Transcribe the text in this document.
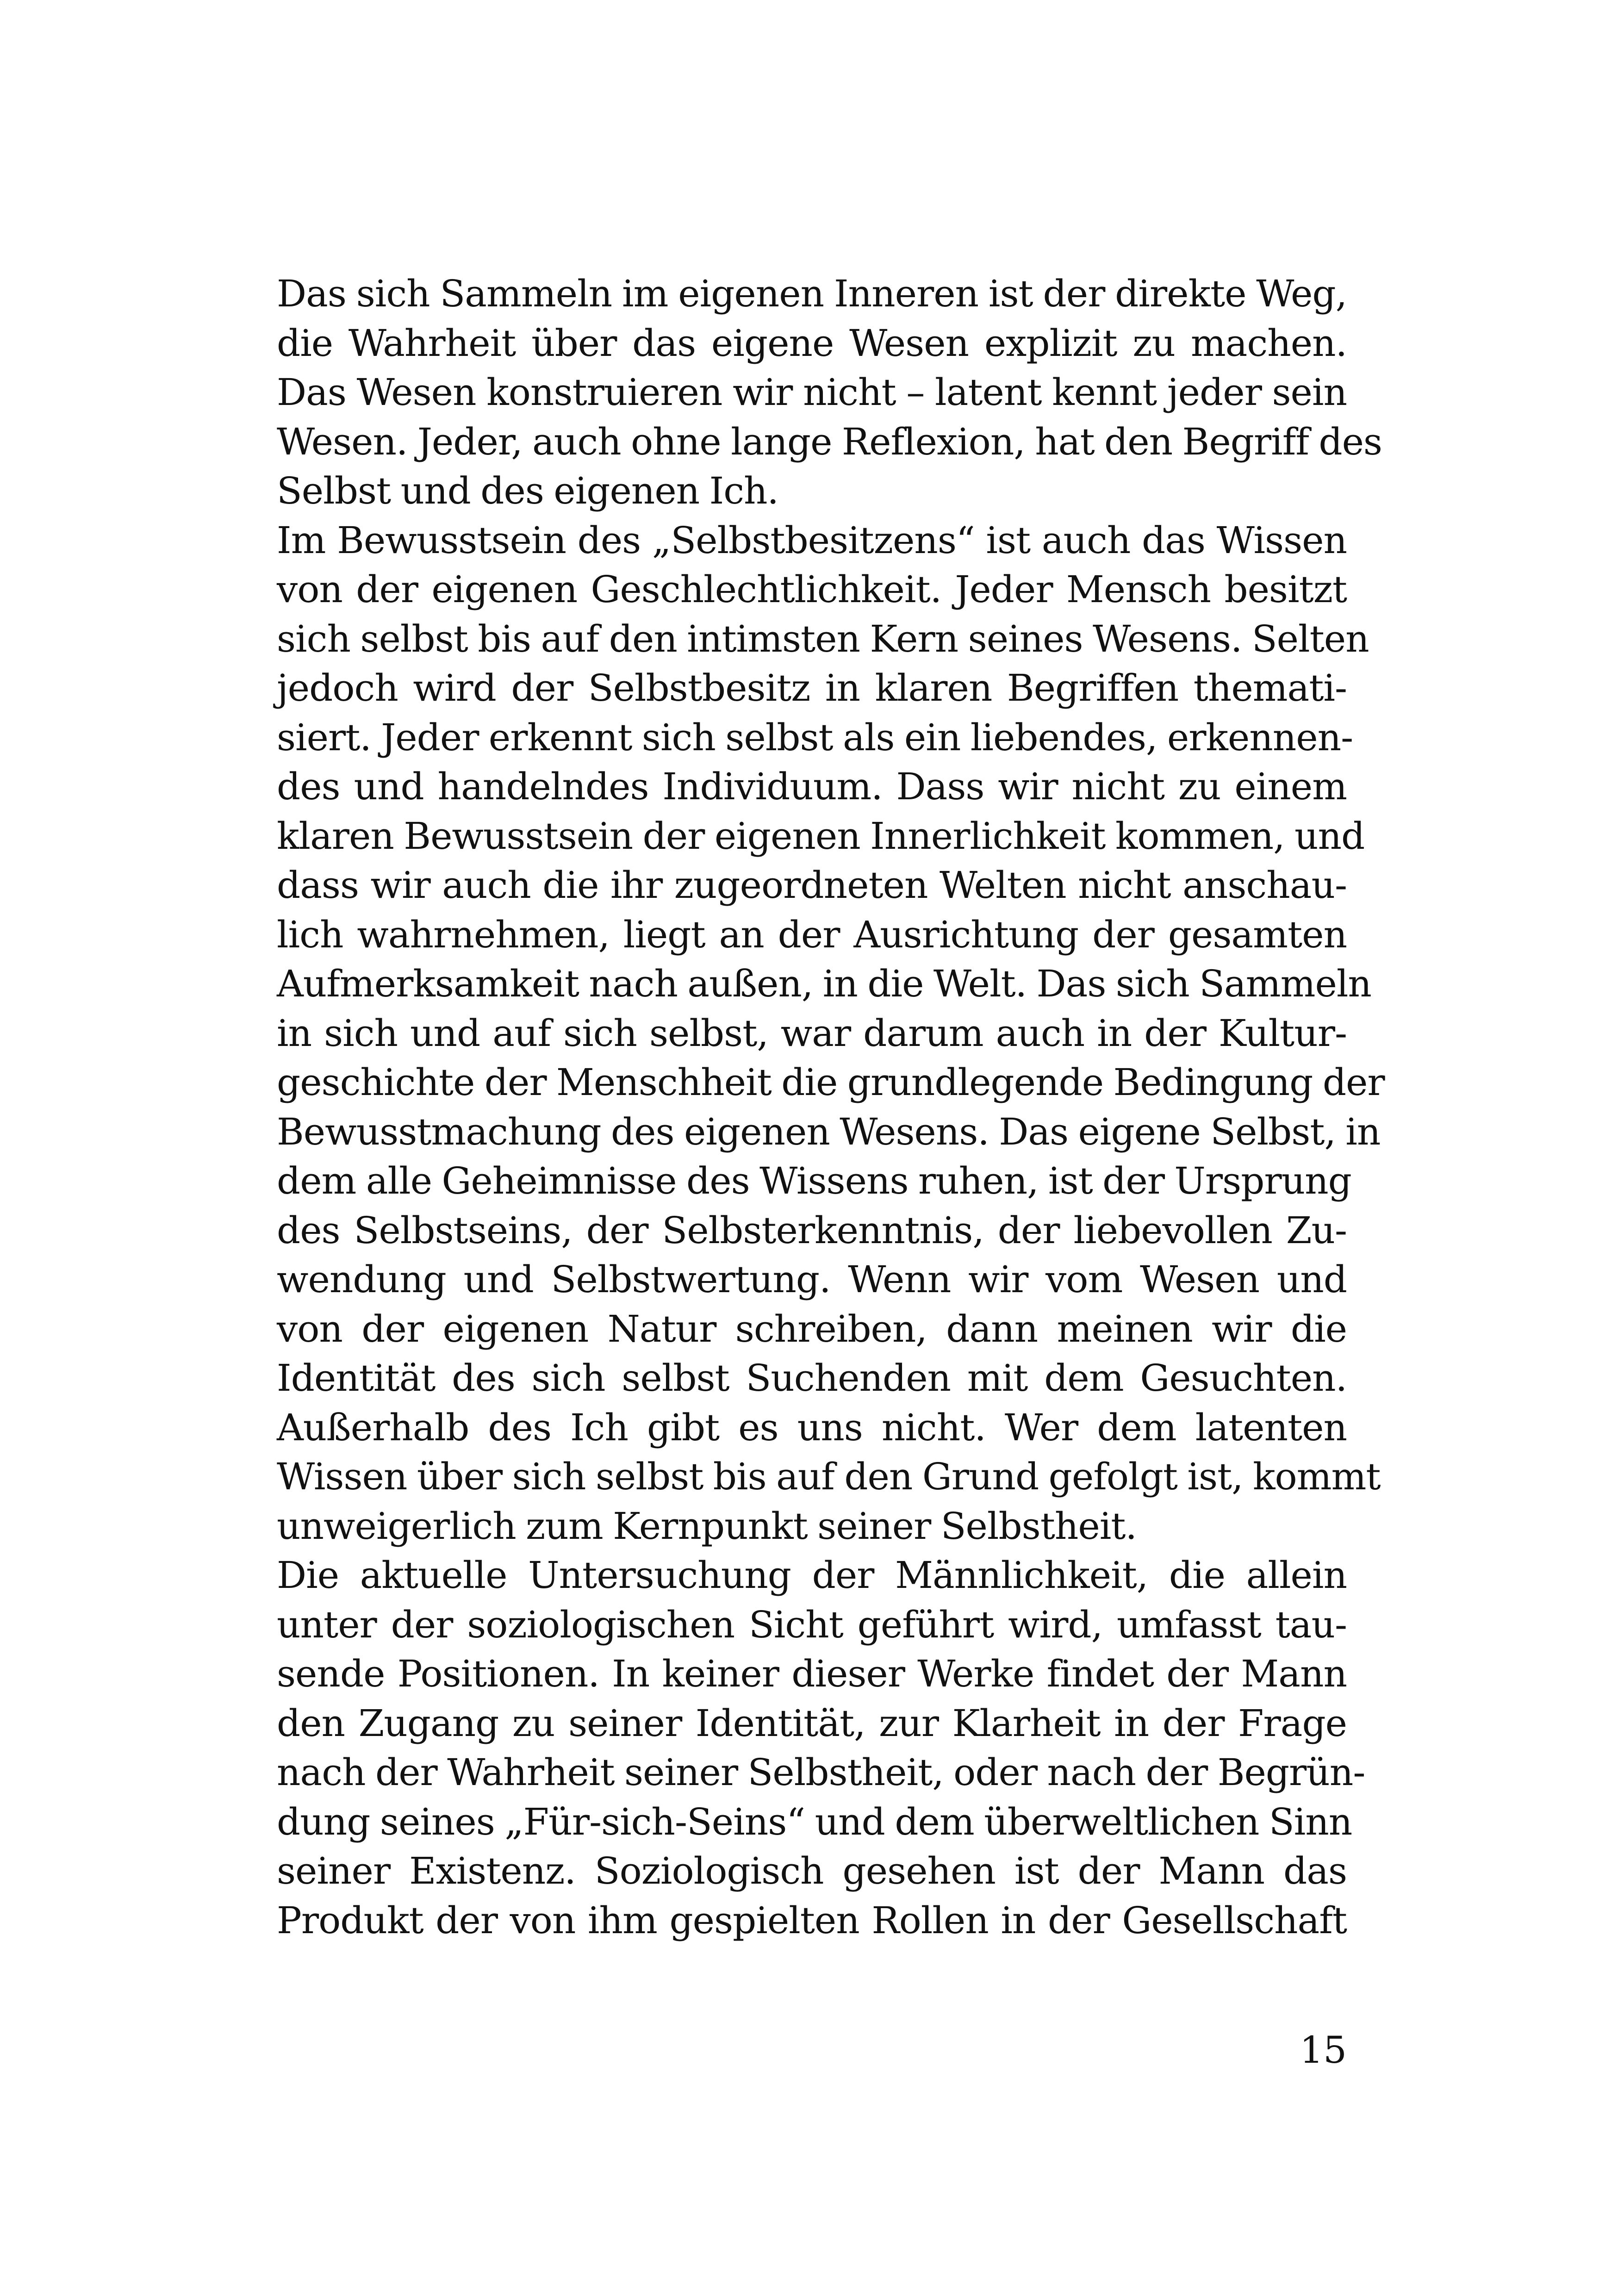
Das sich Sammeln im eigenen Inneren ist der direkte Weg,
die Wahrheit über das eigene Wesen explizit zu machen.
Das Wesen konstruieren wir nicht – latent kennt jeder sein
Wesen. Jeder, auch ohne lange Reflexion, hat den Begriff des
Selbst und des eigenen Ich.
Im Bewusstsein des „Selbstbesitzens“ ist auch das Wissen
von der eigenen Geschlechtlichkeit. Jeder Mensch besitzt
sich selbst bis auf den intimsten Kern seines Wesens. Selten
jedoch wird der Selbstbesitz in klaren Begriffen themati-
siert. Jeder erkennt sich selbst als ein liebendes, erkennen-
des und handelndes Individuum. Dass wir nicht zu einem
klaren Bewusstsein der eigenen Innerlichkeit kommen, und
dass wir auch die ihr zugeordneten Welten nicht anschau-
lich wahrnehmen, liegt an der Ausrichtung der gesamten
Aufmerksamkeit nach außen, in die Welt. Das sich Sammeln
in sich und auf sich selbst, war darum auch in der Kultur-
geschichte der Menschheit die grundlegende Bedingung der
Bewusstmachung des eigenen Wesens. Das eigene Selbst, in
dem alle Geheimnisse des Wissens ruhen, ist der Ursprung
des Selbstseins, der Selbsterkenntnis, der liebevollen Zu-
wendung und Selbstwertung. Wenn wir vom Wesen und
von der eigenen Natur schreiben, dann meinen wir die
Identität des sich selbst Suchenden mit dem Gesuchten.
Außerhalb des Ich gibt es uns nicht. Wer dem latenten
Wissen über sich selbst bis auf den Grund gefolgt ist, kommt
unweigerlich zum Kernpunkt seiner Selbstheit.
Die aktuelle Untersuchung der Männlichkeit, die allein
unter der soziologischen Sicht geführt wird, umfasst tau-
sende Positionen. In keiner dieser Werke findet der Mann
den Zugang zu seiner Identität, zur Klarheit in der Frage
nach der Wahrheit seiner Selbstheit, oder nach der Begrün-
dung seines „Für-sich-Seins“ und dem überweltlichen Sinn
seiner Existenz. Soziologisch gesehen ist der Mann das
Produkt der von ihm gespielten Rollen in der Gesellschaft
15
